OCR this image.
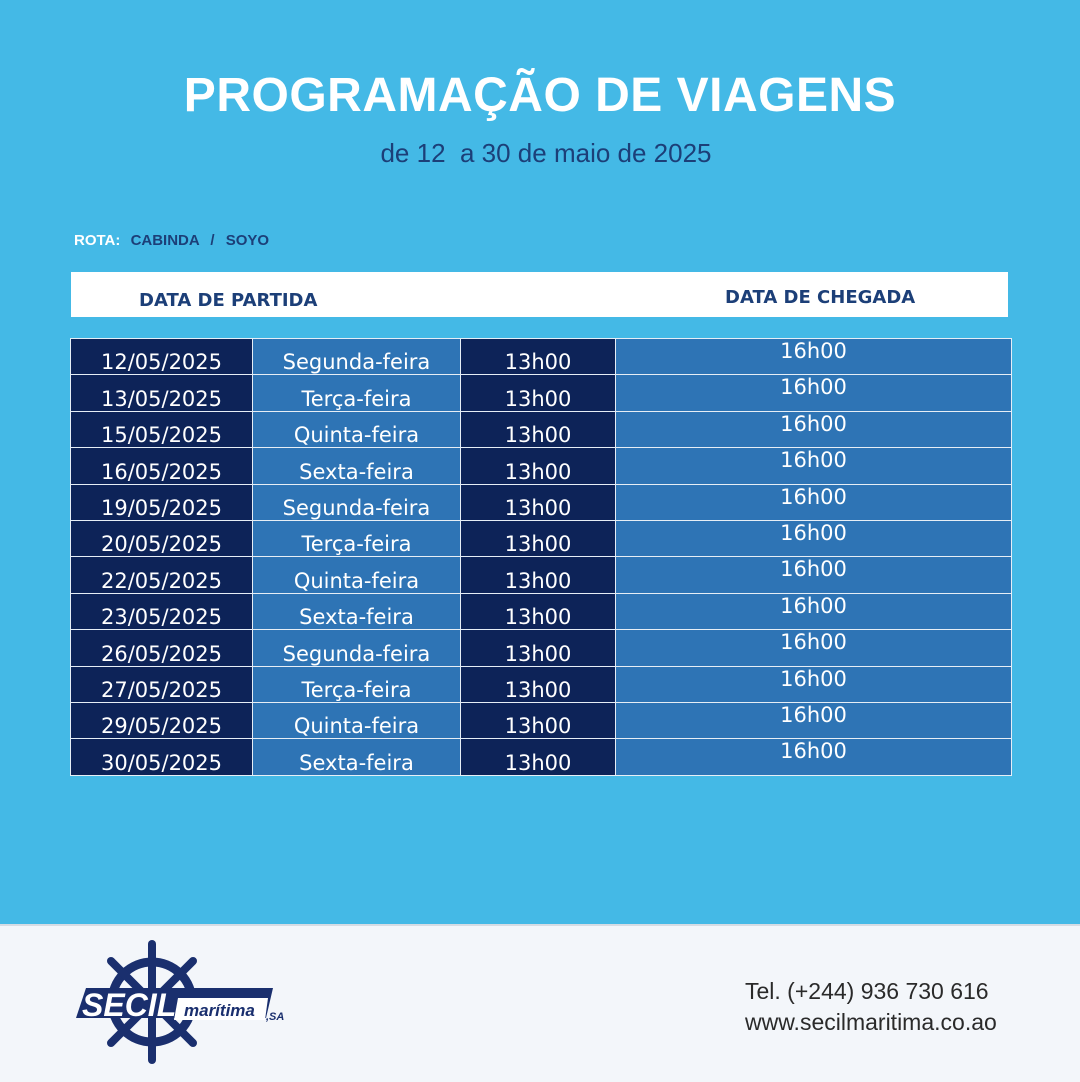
PROGRAMAÇÃO DE VIAGENS
de 12  a 30 de maio de 2025
ROTA: CABINDA / SOYO
DATA DE PARTIDA	DATA DE CHEGADA
12/05/2025	Segunda-feira	13h00	16h00
13/05/2025	Terça-feira	13h00	16h00
15/05/2025	Quinta-feira	13h00	16h00
16/05/2025	Sexta-feira	13h00	16h00
19/05/2025	Segunda-feira	13h00	16h00
20/05/2025	Terça-feira	13h00	16h00
22/05/2025	Quinta-feira	13h00	16h00
23/05/2025	Sexta-feira	13h00	16h00
26/05/2025	Segunda-feira	13h00	16h00
27/05/2025	Terça-feira	13h00	16h00
29/05/2025	Quinta-feira	13h00	16h00
30/05/2025	Sexta-feira	13h00	16h00
SECIL marítima ,SA
Tel. (+244) 936 730 616
www.secilmaritima.co.ao
